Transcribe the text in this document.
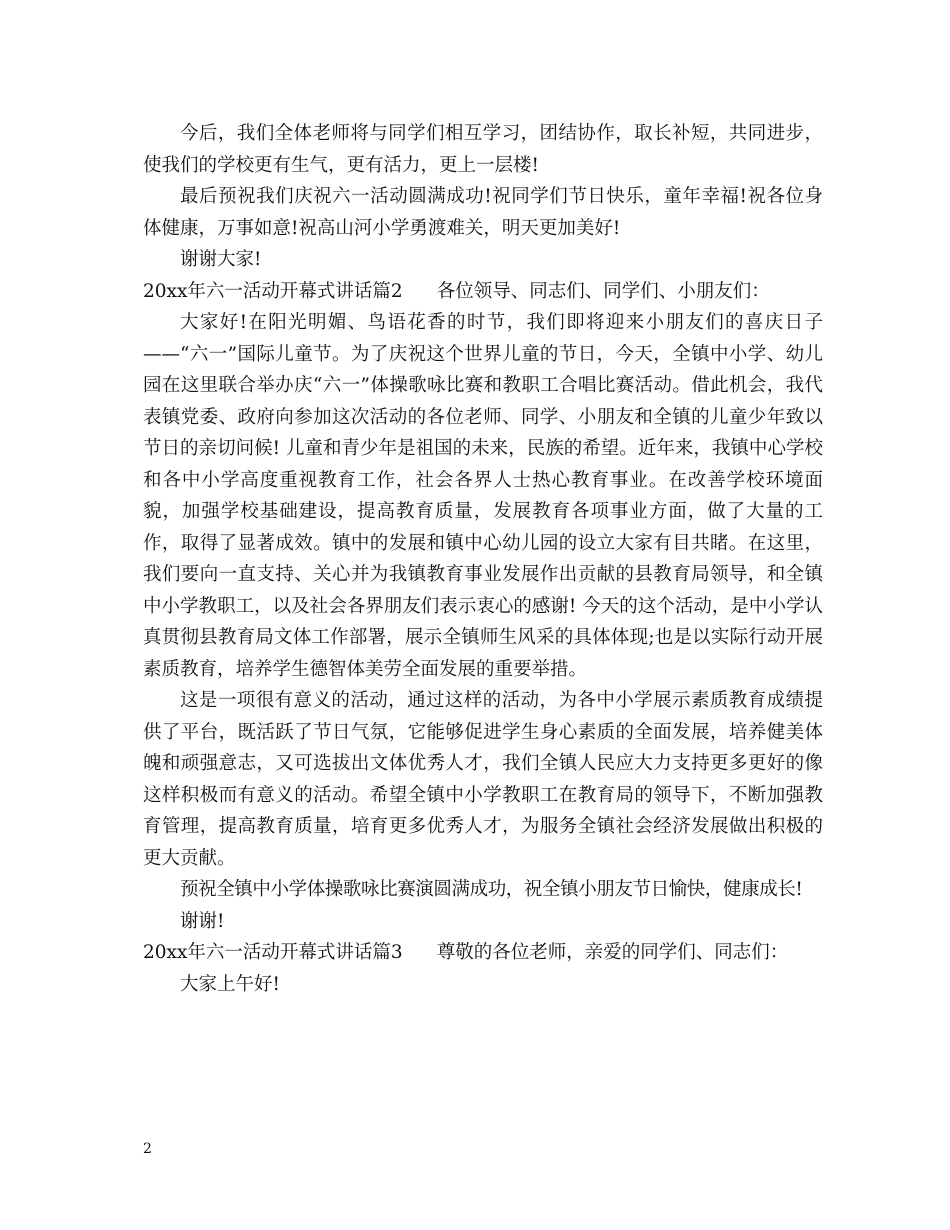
今后，我们全体老师将与同学们相互学习，团结协作，取长补短，共同进步，使我们的学校更有生气，更有活力，更上一层楼!

最后预祝我们庆祝六一活动圆满成功!祝同学们节日快乐，童年幸福!祝各位身体健康，万事如意!祝高山河小学勇渡难关，明天更加美好!

谢谢大家!

20xx年六一活动开幕式讲话篇2 各位领导、同志们、同学们、小朋友们：

大家好!在阳光明媚、鸟语花香的时节，我们即将迎来小朋友们的喜庆日子——“六一”国际儿童节。为了庆祝这个世界儿童的节日，今天，全镇中小学、幼儿园在这里联合举办庆“六一”体操歌咏比赛和教职工合唱比赛活动。借此机会，我代表镇党委、政府向参加这次活动的各位老师、同学、小朋友和全镇的儿童少年致以节日的亲切问候! 儿童和青少年是祖国的未来，民族的希望。近年来，我镇中心学校和各中小学高度重视教育工作，社会各界人士热心教育事业。在改善学校环境面貌，加强学校基础建设，提高教育质量，发展教育各项事业方面，做了大量的工作，取得了显著成效。镇中的发展和镇中心幼儿园的设立大家有目共睹。在这里，我们要向一直支持、关心并为我镇教育事业发展作出贡献的县教育局领导，和全镇中小学教职工，以及社会各界朋友们表示衷心的感谢! 今天的这个活动，是中小学认真贯彻县教育局文体工作部署，展示全镇师生风采的具体体现;也是以实际行动开展素质教育，培养学生德智体美劳全面发展的重要举措。

这是一项很有意义的活动，通过这样的活动，为各中小学展示素质教育成绩提供了平台，既活跃了节日气氛，它能够促进学生身心素质的全面发展，培养健美体魄和顽强意志，又可选拔出文体优秀人才，我们全镇人民应大力支持更多更好的像这样积极而有意义的活动。希望全镇中小学教职工在教育局的领导下，不断加强教育管理，提高教育质量，培育更多优秀人才，为服务全镇社会经济发展做出积极的更大贡献。

预祝全镇中小学体操歌咏比赛演圆满成功，祝全镇小朋友节日愉快，健康成长!

谢谢!

20xx年六一活动开幕式讲话篇3 尊敬的各位老师，亲爱的同学们、同志们：

大家上午好!

2
